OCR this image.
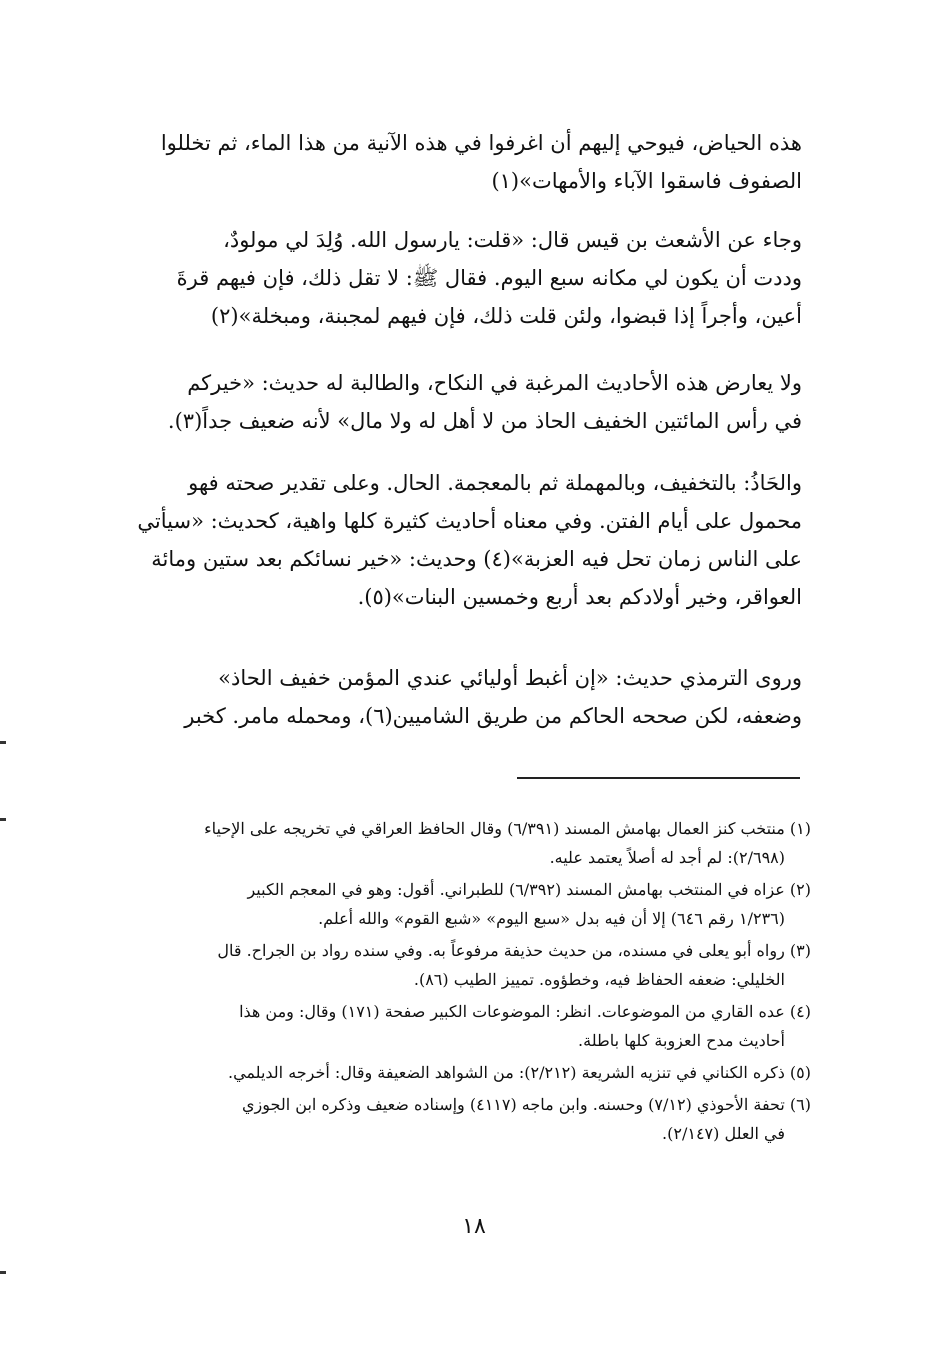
هذه الحياض، فيوحي إليهم أن اغرفوا في هذه الآنية من هذا الماء، ثم تخللوا
الصفوف فاسقوا الآباء والأمهات»(١)

وجاء عن الأشعث بن قيس قال: «قلت: يارسول الله. وُلِدَ لي مولودٌ،
وددت أن يكون لي مكانه سبع اليوم. فقال ﷺ: لا تقل ذلك، فإن فيهم قرةَ
أعين، وأجراً إذا قبضوا، ولئن قلت ذلك، فإن فيهم لمجبنة، ومبخلة»(٢)

ولا يعارض هذه الأحاديث المرغبة في النكاح، والطالبة له حديث: «خيركم
في رأس المائتين الخفيف الحاذ من لا أهل له ولا مال» لأنه ضعيف جداً(٣).

والحَاذُ: بالتخفيف، وبالمهملة ثم بالمعجمة. الحال. وعلى تقدير صحته فهو
محمول على أيام الفتن. وفي معناه أحاديث كثيرة كلها واهية، كحديث: «سيأتي
على الناس زمان تحل فيه العزبة»(٤) وحديث: «خير نسائكم بعد ستين ومائة
العواقر، وخير أولادكم بعد أربع وخمسين البنات»(٥).

وروى الترمذي حديث: «إن أغبط أوليائي عندي المؤمن خفيف الحاذ»
وضعفه، لكن صححه الحاكم من طريق الشاميين(٦)، ومحمله مامر. كخبر

(١) منتخب كنز العمال بهامش المسند (٦/٣٩١) وقال الحافظ العراقي في تخريجه على الإحياء
(٢/٦٩٨): لم أجد له أصلاً يعتمد عليه.
(٢) عزاه في المنتخب بهامش المسند (٦/٣٩٢) للطبراني. أقول: وهو في المعجم الكبير
(١/٢٣٦ رقم ٦٤٦) إلا أن فيه بدل «سبع اليوم» «شبع القوم» والله أعلم.
(٣) رواه أبو يعلى في مسنده، من حديث حذيفة مرفوعاً به. وفي سنده رواد بن الجراح. قال
الخليلي: ضعفه الحفاظ فيه، وخطؤوه. تمييز الطيب (٨٦).
(٤) عده القاري من الموضوعات. انظر: الموضوعات الكبير صفحة (١٧١) وقال: ومن هذا
أحاديث مدح العزوبة كلها باطلة.
(٥) ذكره الكناني في تنزيه الشريعة (٢/٢١٢): من الشواهد الضعيفة وقال: أخرجه الديلمي.
(٦) تحفة الأحوذي (٧/١٢) وحسنه. وابن ماجه (٤١١٧) وإسناده ضعيف وذكره ابن الجوزي
في العلل (٢/١٤٧).
١٨
